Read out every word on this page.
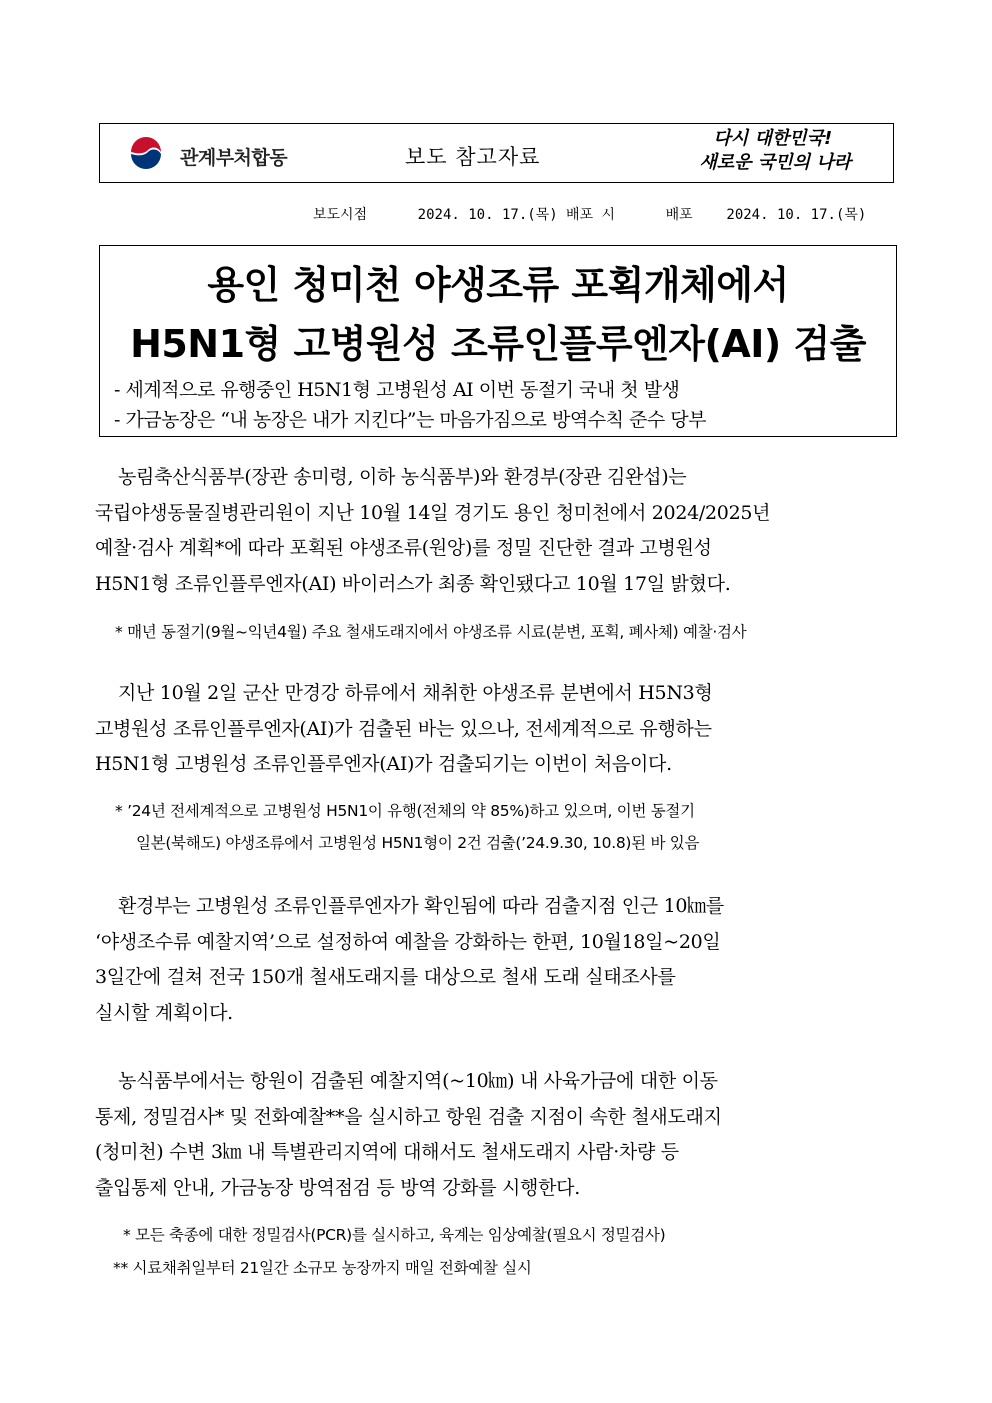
관계부처합동	보도 참고자료
다시 대한민국!
새로운 국민의 나라
보도시점      2024. 10. 17.(목) 배포 시      배포    2024. 10. 17.(목)
용인 청미천 야생조류 포획개체에서
H5N1형 고병원성 조류인플루엔자(AI) 검출
- 세계적으로 유행중인 H5N1형 고병원성 AI 이번 동절기 국내 첫 발생
- 가금농장은 “내 농장은 내가 지킨다”는 마음가짐으로 방역수칙 준수 당부
농림축산식품부(장관 송미령, 이하 농식품부)와 환경부(장관 김완섭)는
국립야생동물질병관리원이 지난 10월 14일 경기도 용인 청미천에서 2024/2025년
예찰·검사 계획*에 따라 포획된 야생조류(원앙)를 정밀 진단한 결과 고병원성
H5N1형 조류인플루엔자(AI) 바이러스가 최종 확인됐다고 10월 17일 밝혔다.
* 매년 동절기(9월~익년4월) 주요 철새도래지에서 야생조류 시료(분변, 포획, 폐사체) 예찰·검사
지난 10월 2일 군산 만경강 하류에서 채취한 야생조류 분변에서 H5N3형
고병원성 조류인플루엔자(AI)가 검출된 바는 있으나, 전세계적으로 유행하는
H5N1형 고병원성 조류인플루엔자(AI)가 검출되기는 이번이 처음이다.
* ’24년 전세계적으로 고병원성 H5N1이 유행(전체의 약 85%)하고 있으며, 이번 동절기
일본(북해도) 야생조류에서 고병원성 H5N1형이 2건 검출(’24.9.30, 10.8)된 바 있음
환경부는 고병원성 조류인플루엔자가 확인됨에 따라 검출지점 인근 10㎞를
‘야생조수류 예찰지역’으로 설정하여 예찰을 강화하는 한편, 10월18일~20일
3일간에 걸쳐 전국 150개 철새도래지를 대상으로 철새 도래 실태조사를
실시할 계획이다.
농식품부에서는 항원이 검출된 예찰지역(~10㎞) 내 사육가금에 대한 이동
통제, 정밀검사* 및 전화예찰**을 실시하고 항원 검출 지점이 속한 철새도래지
(청미천) 수변 3㎞ 내 특별관리지역에 대해서도 철새도래지 사람·차량 등
출입통제 안내, 가금농장 방역점검 등 방역 강화를 시행한다.
* 모든 축종에 대한 정밀검사(PCR)를 실시하고, 육계는 임상예찰(필요시 정밀검사)
** 시료채취일부터 21일간 소규모 농장까지 매일 전화예찰 실시
